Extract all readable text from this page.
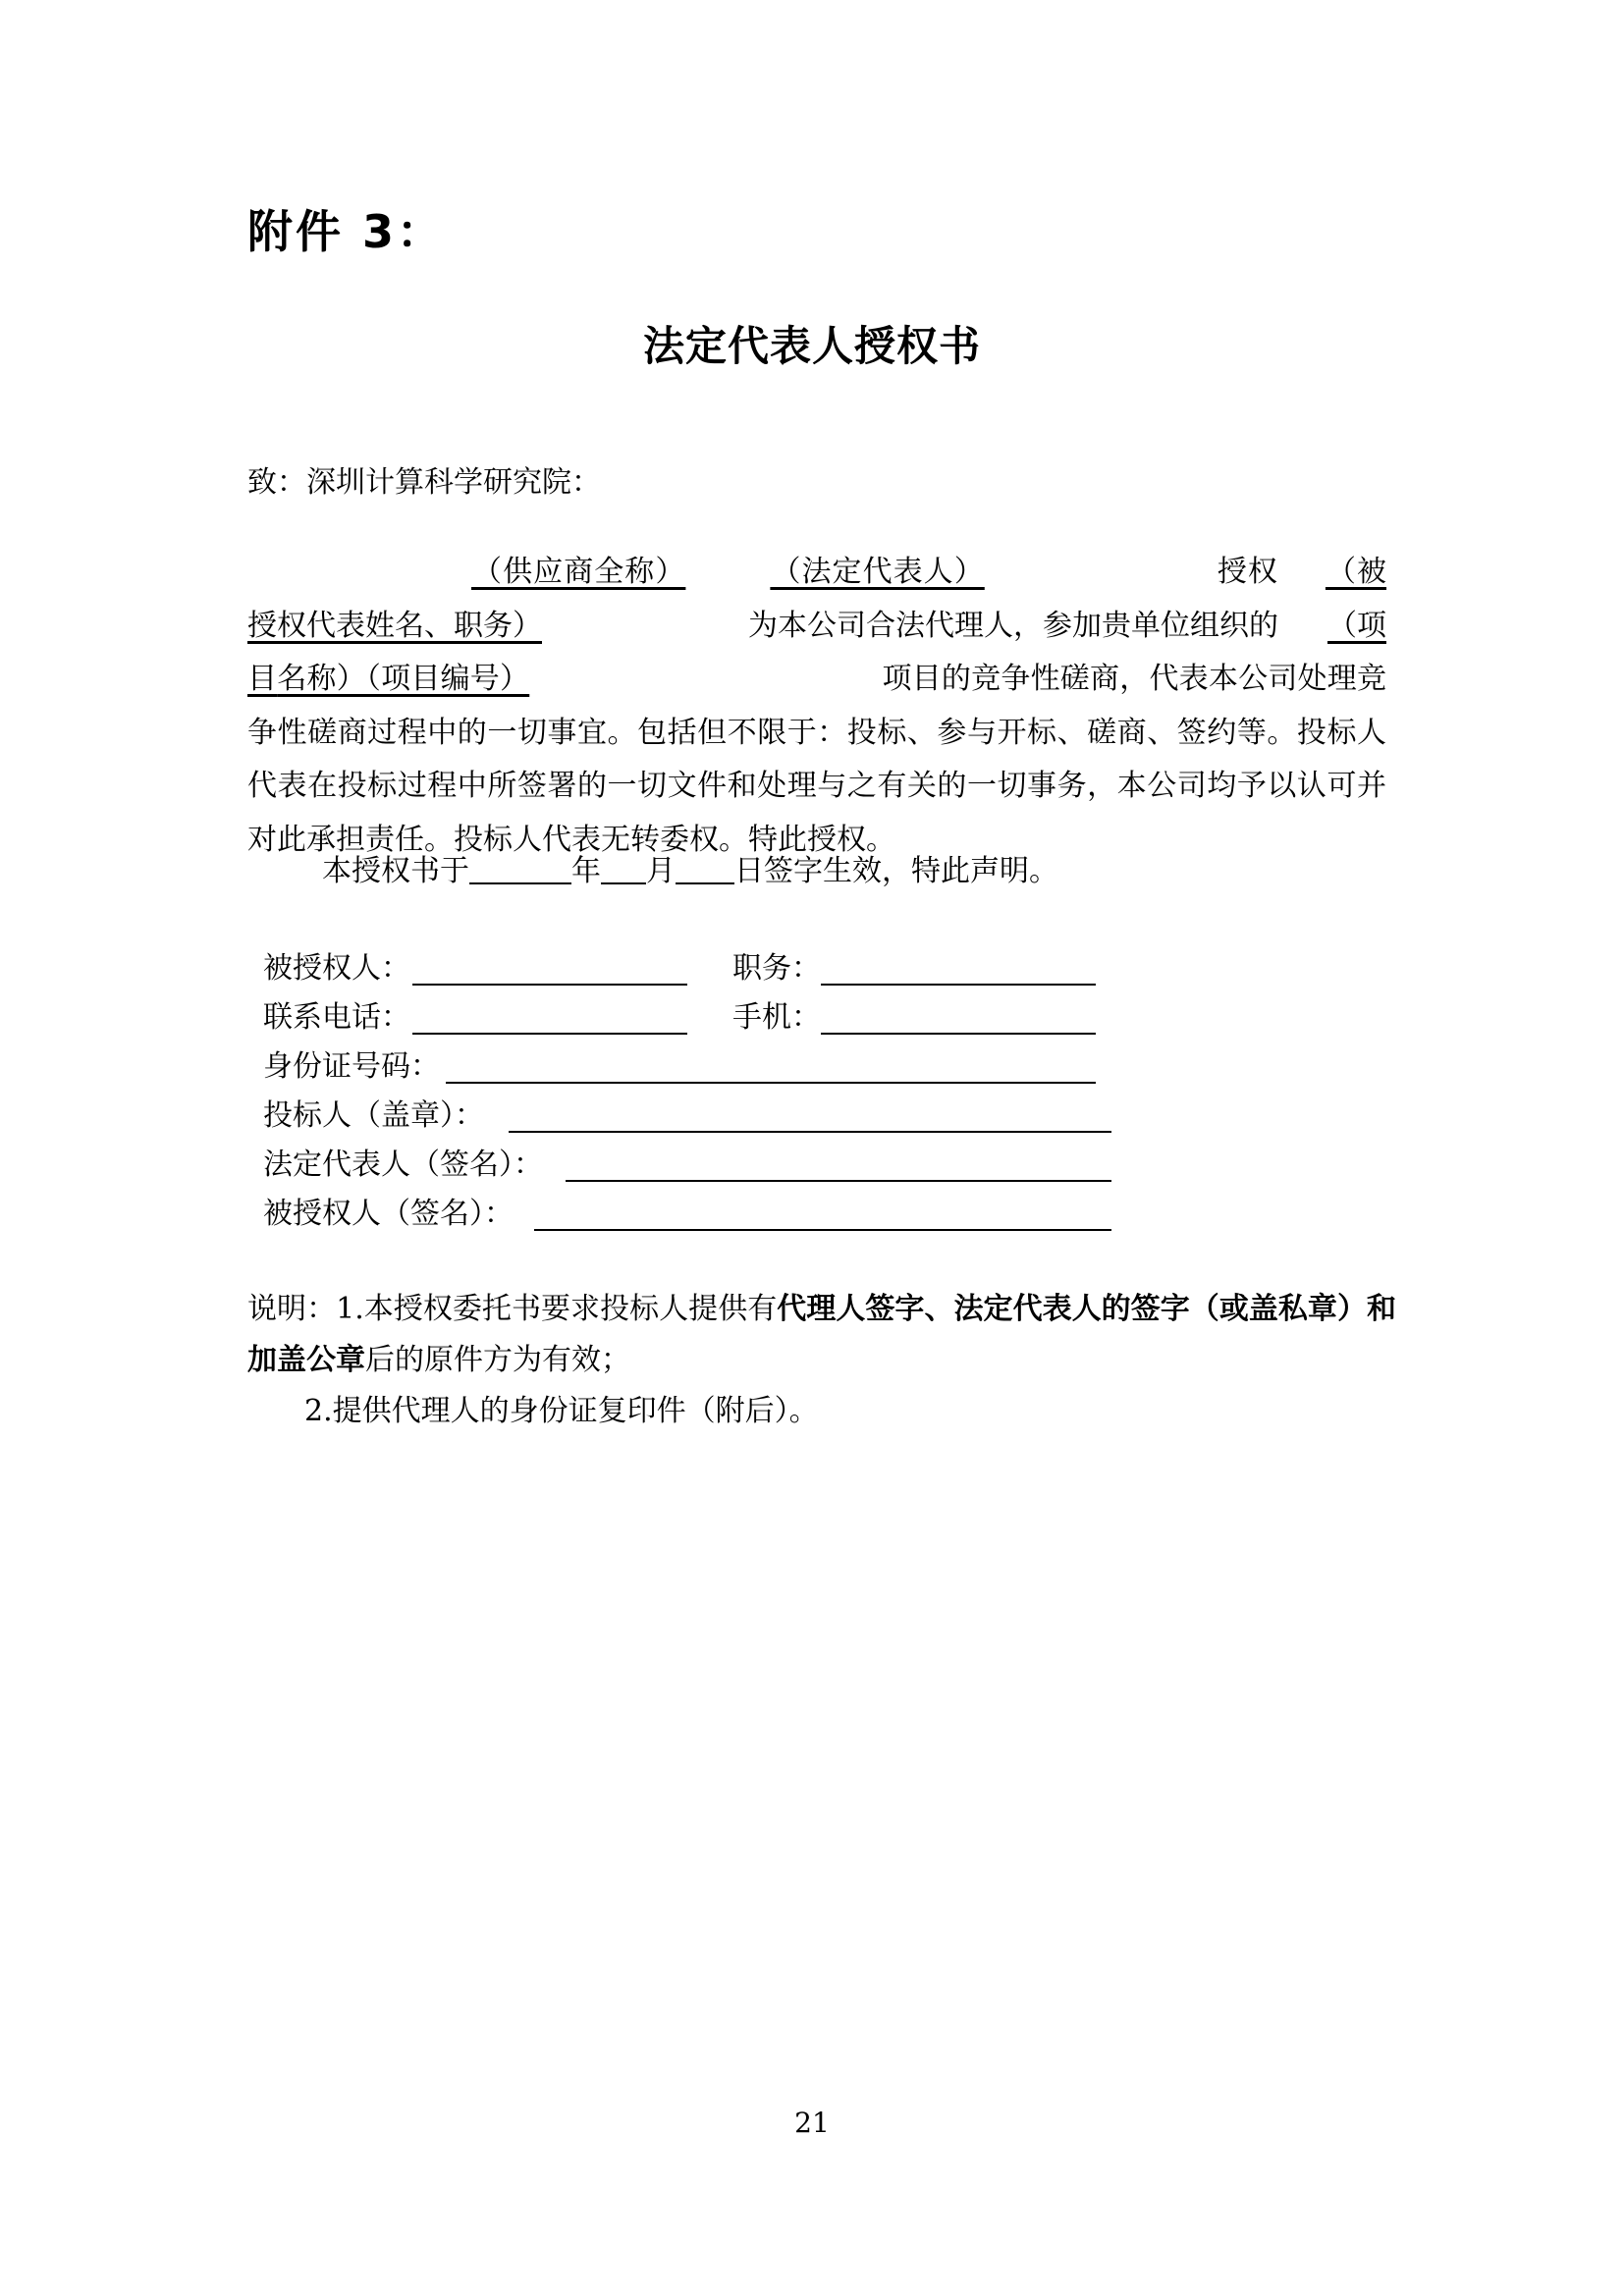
附件 3：
法定代表人授权书
致：深圳计算科学研究院：
（供应商全称）	（法定代表人）	授权 （被授权代表姓名、职务）	为本公司合法代理人，参加贵单位组织的 （项目名称）（项目编号）	项目的竞争性磋商，代表本公司处理竞争性磋商过程中的一切事宜。包括但不限于：投标、参与开标、磋商、签约等。投标人代表在投标过程中所签署的一切文件和处理与之有关的一切事务，本公司均予以认可并对此承担责任。投标人代表无转委权。特此授权。
本授权书于	年 月 日签字生效，特此声明。
被授权人：	职务：
联系电话：	手机：
身份证号码：
投标人（盖章）：
法定代表人（签名）：
被授权人（签名）：
说明：1.本授权委托书要求投标人提供有代理人签字、法定代表人的签字（或盖私章）和加盖公章后的原件方为有效；
2.提供代理人的身份证复印件（附后）。
21
